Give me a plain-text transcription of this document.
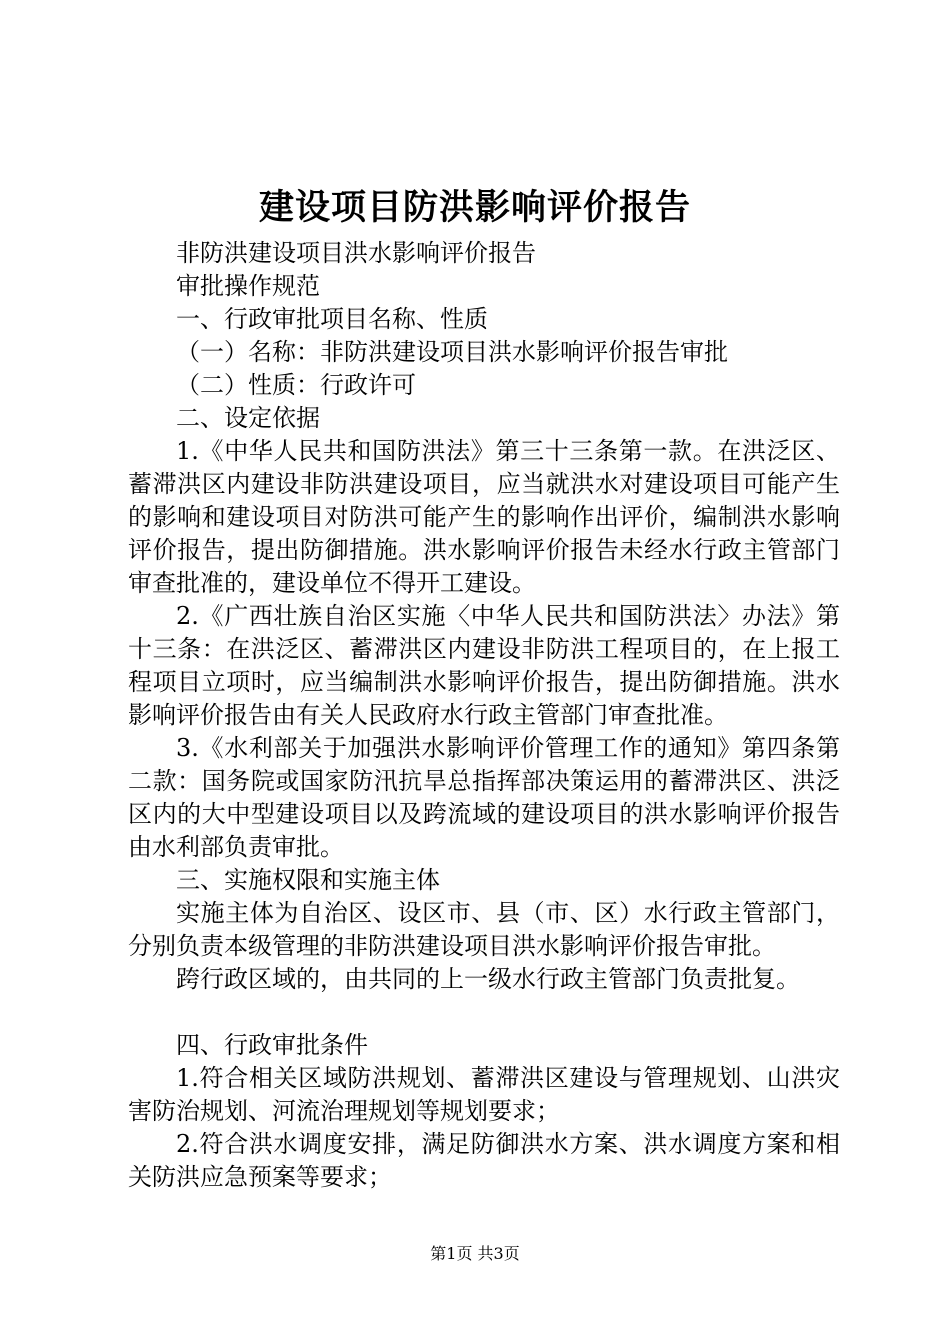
建设项目防洪影响评价报告

非防洪建设项目洪水影响评价报告

审批操作规范

一、行政审批项目名称、性质

（一）名称：非防洪建设项目洪水影响评价报告审批

（二）性质：行政许可

二、设定依据

1.《中华人民共和国防洪法》第三十三条第一款。在洪泛区、蓄滞洪区内建设非防洪建设项目，应当就洪水对建设项目可能产生的影响和建设项目对防洪可能产生的影响作出评价，编制洪水影响评价报告，提出防御措施。洪水影响评价报告未经水行政主管部门审查批准的，建设单位不得开工建设。

2.《广西壮族自治区实施〈中华人民共和国防洪法〉办法》第十三条：在洪泛区、蓄滞洪区内建设非防洪工程项目的，在上报工程项目立项时，应当编制洪水影响评价报告，提出防御措施。洪水影响评价报告由有关人民政府水行政主管部门审查批准。

3.《水利部关于加强洪水影响评价管理工作的通知》第四条第二款：国务院或国家防汛抗旱总指挥部决策运用的蓄滞洪区、洪泛区内的大中型建设项目以及跨流域的建设项目的洪水影响评价报告由水利部负责审批。

三、实施权限和实施主体

实施主体为自治区、设区市、县（市、区）水行政主管部门，分别负责本级管理的非防洪建设项目洪水影响评价报告审批。

跨行政区域的，由共同的上一级水行政主管部门负责批复。

四、行政审批条件

1.符合相关区域防洪规划、蓄滞洪区建设与管理规划、山洪灾害防治规划、河流治理规划等规划要求；

2.符合洪水调度安排，满足防御洪水方案、洪水调度方案和相关防洪应急预案等要求；

第1页 共3页
